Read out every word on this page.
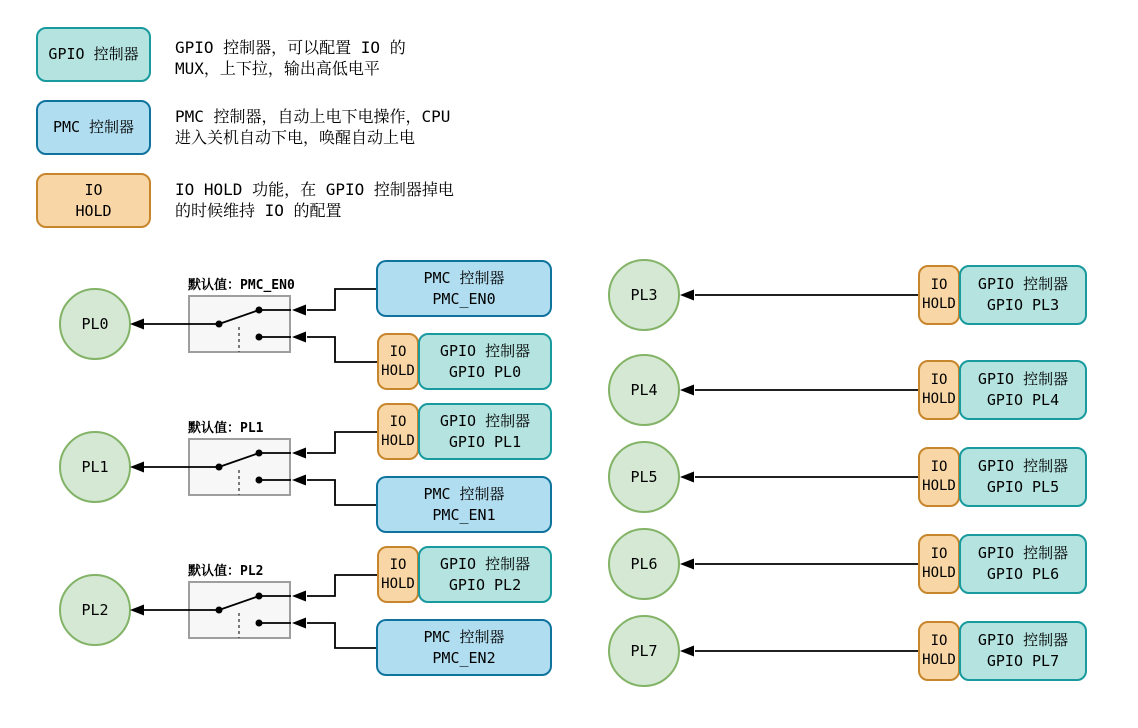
GPIO 控制器 GPIO 控制器，可以配置 IO 的
MUX，上下拉，输出高低电平
PMC 控制器
PMC 控制器，自动上电下电操作，CPU
进入关机自动下电，唤醒自动上电
IO
HOLD
IO HOLD 功能，在 GPIO 控制器掉电
的时候维持 IO 的配置
PL0
默认值：PMC_EN0	PMC 控制器
PMC_EN0
IO
HOLD
GPIO 控制器
GPIO PL0
PL1
默认值：PL1	IO
HOLD
GPIO 控制器
GPIO PL1
PMC 控制器
PMC_EN1
PL2
默认值：PL2	IO
HOLD
GPIO 控制器
GPIO PL2
PMC 控制器
PMC_EN2
PL3
IO
HOLD
GPIO 控制器
GPIO PL3
PL4
IO
HOLD
GPIO 控制器
GPIO PL4
PL5
IO
HOLD
GPIO 控制器
GPIO PL5
PL6
IO
HOLD
GPIO 控制器
GPIO PL6
PL7
IO
HOLD
GPIO 控制器
GPIO PL7
